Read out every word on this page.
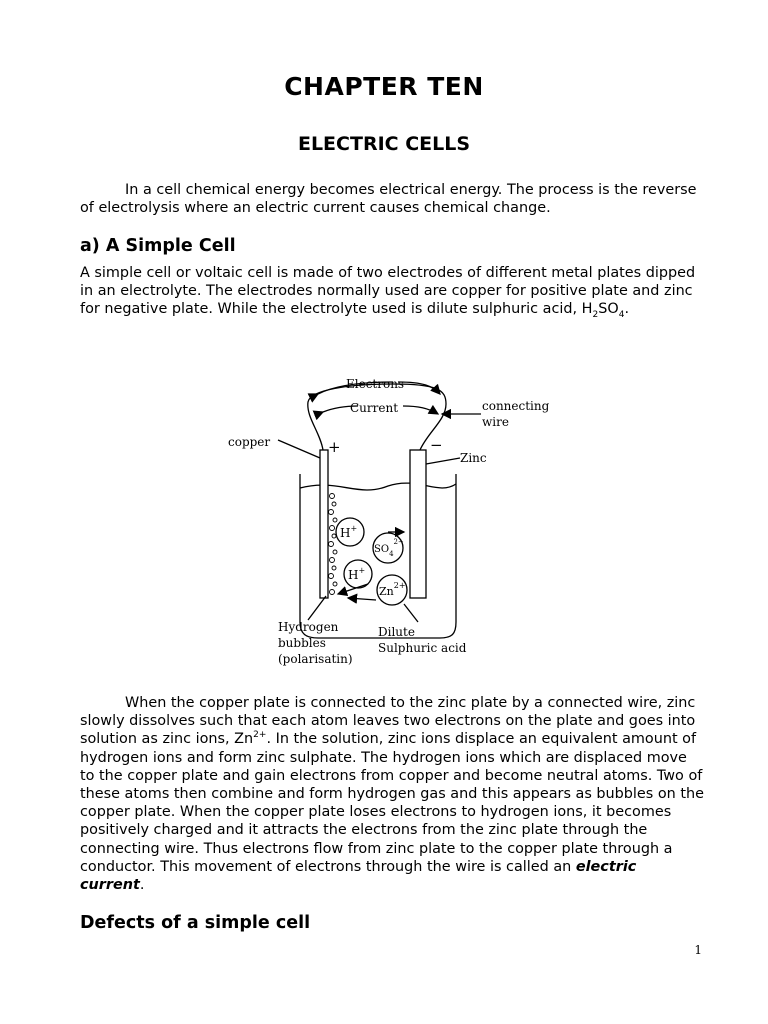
CHAPTER TEN
ELECTRIC CELLS
In a cell chemical energy becomes electrical energy. The process is the reverse of electrolysis where an electric current causes chemical change.
a) A Simple Cell
A simple cell or voltaic cell is made of two electrodes of different metal plates dipped in an electrolyte. The electrodes normally used are copper for positive plate and zinc for negative plate. While the electrolyte used is dilute sulphuric acid, $H_2SO_4$.
Electrons
Current	connecting
wire
copper	+	−
Zinc
H+
$SO_4^{2-}$
H+
$Zn^{2+}$
Hydrogen
bubbles
(polarisatin)
Dilute
Sulphuric acid
When the copper plate is connected to the zinc plate by a connected wire, zinc slowly dissolves such that each atom leaves two electrons on the plate and goes into solution as zinc ions, $Zn^{2+}$. In the solution, zinc ions displace an equivalent amount of hydrogen ions and form zinc sulphate. The hydrogen ions which are displaced move to the copper plate and gain electrons from copper and become neutral atoms. Two of these atoms then combine and form hydrogen gas and this appears as bubbles on the copper plate. When the copper plate loses electrons to hydrogen ions, it becomes positively charged and it attracts the electrons from the zinc plate through the connecting wire. Thus electrons flow from zinc plate to the copper plate through a conductor. This movement of electrons through the wire is called an electric current.
Defects of a simple cell
1
